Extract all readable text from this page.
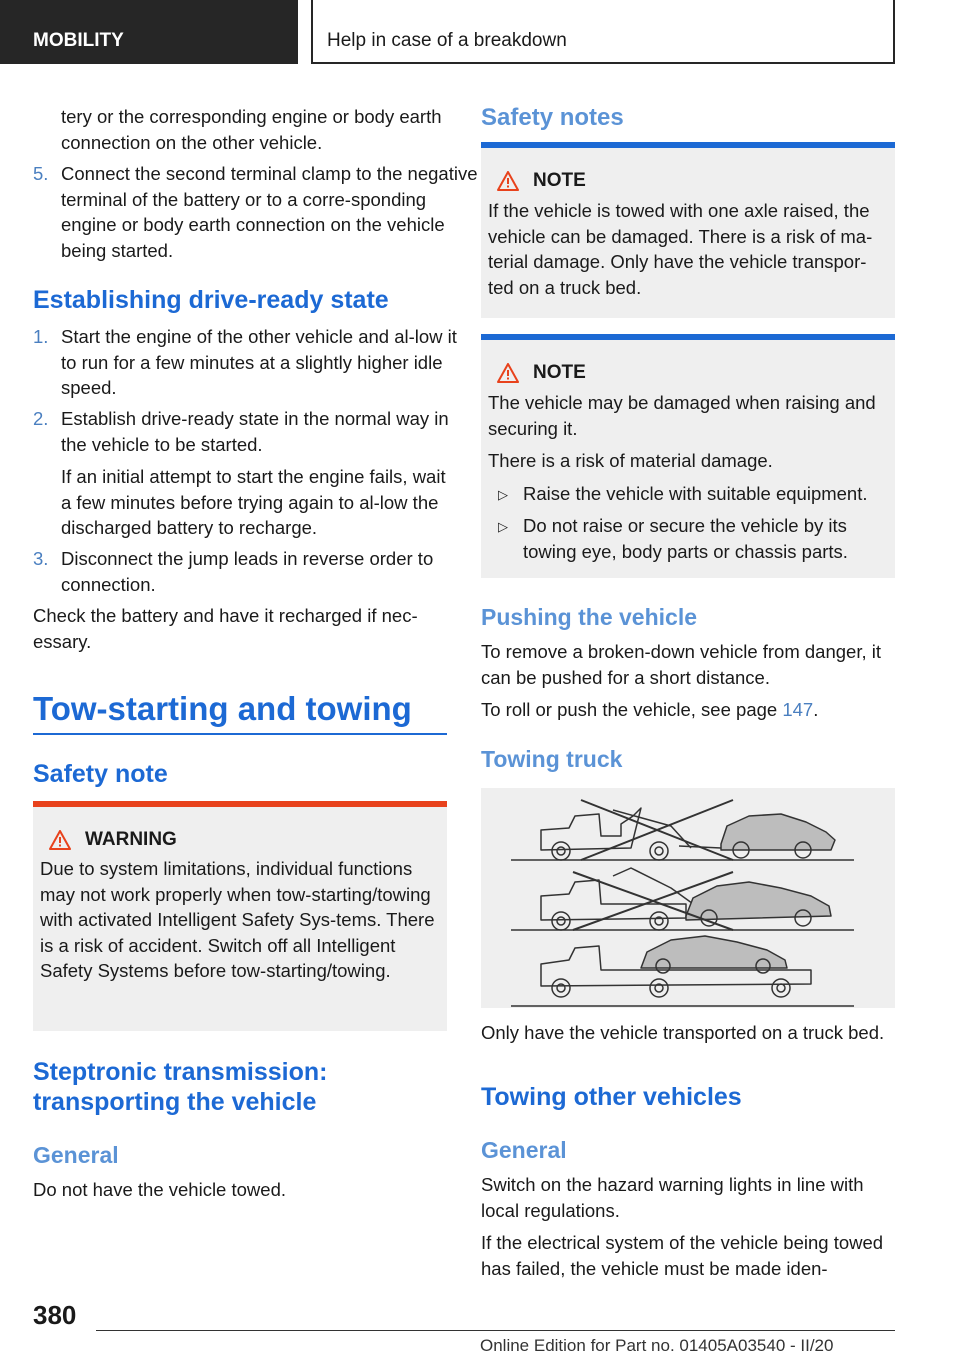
MOBILITY	Help in case of a breakdown

tery or the corresponding engine or body earth connection on the other vehicle.

5. Connect the second terminal clamp to the negative terminal of the battery or to a corre-sponding engine or body earth connection on the vehicle being started.
Establishing drive-ready state
1. Start the engine of the other vehicle and al-low it to run for a few minutes at a slightly higher idle speed.
2. Establish drive-ready state in the normal way in the vehicle to be started.

If an initial attempt to start the engine fails, wait a few minutes before trying again to al-low the discharged battery to recharge.

3. Disconnect the jump leads in reverse order to connection.

Check the battery and have it recharged if nec-essary.

Tow-starting and towing
Safety note
WARNING

Due to system limitations, individual functions may not work properly when tow-starting/towing with activated Intelligent Safety Sys-tems. There is a risk of accident. Switch off all Intelligent Safety Systems before tow-starting/towing.

Steptronic transmission: transporting the vehicle
General

Do not have the vehicle towed.

Safety notes
NOTE

If the vehicle is towed with one axle raised, the vehicle can be damaged. There is a risk of ma-terial damage. Only have the vehicle transpor-ted on a truck bed.

NOTE

The vehicle may be damaged when raising and securing it.

There is a risk of material damage.

▷ Raise the vehicle with suitable equipment.
▷ Do not raise or secure the vehicle by its towing eye, body parts or chassis parts.
Pushing the vehicle

To remove a broken-down vehicle from danger, it can be pushed for a short distance.

To roll or push the vehicle, see page 147.

Towing truck

Only have the vehicle transported on a truck bed.

Towing other vehicles
General

Switch on the hazard warning lights in line with local regulations.

If the electrical system of the vehicle being towed has failed, the vehicle must be made iden-

380
Online Edition for Part no. 01405A03540 - II/20
